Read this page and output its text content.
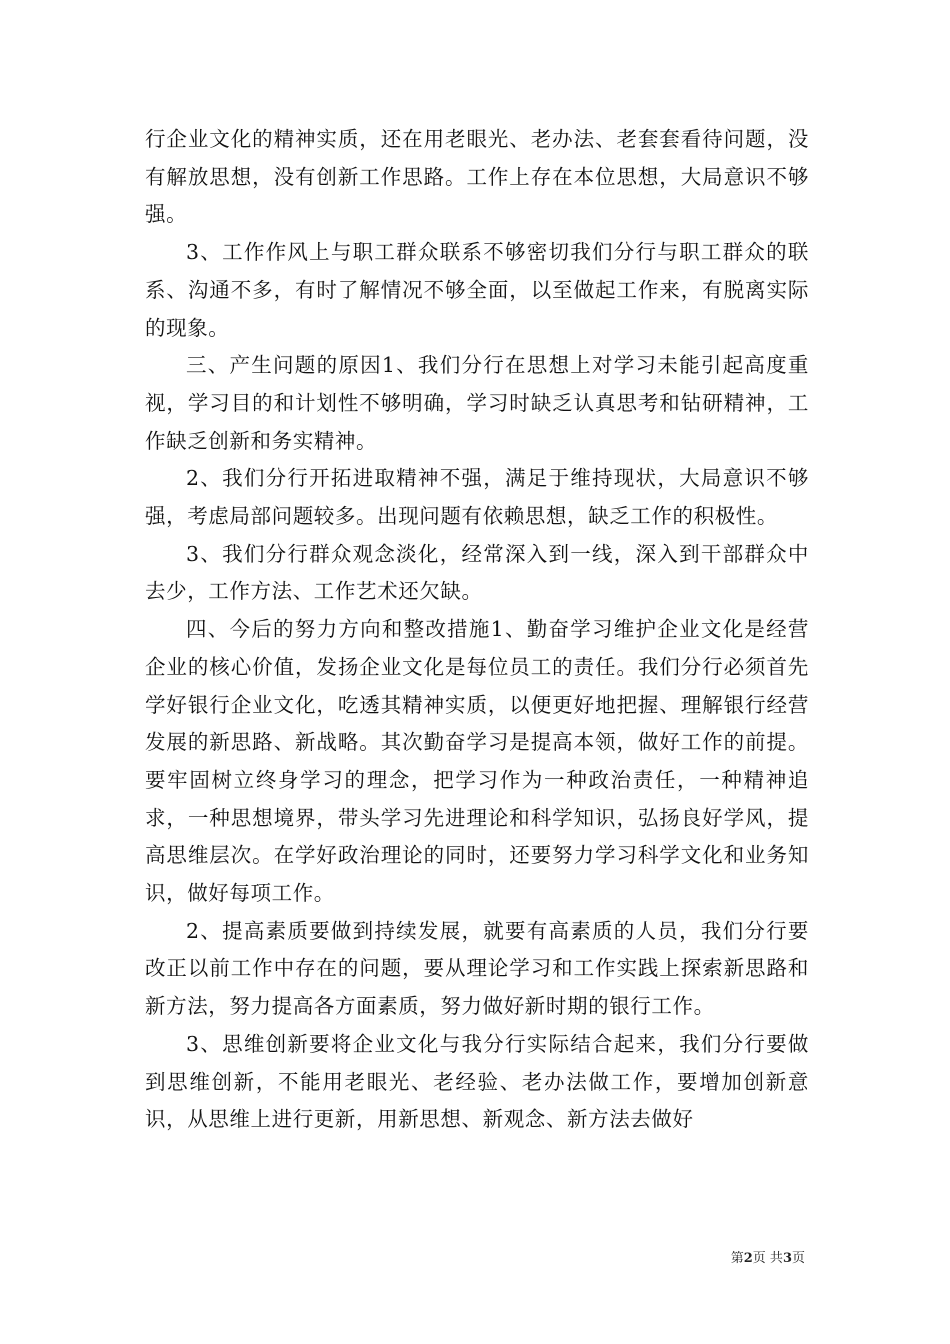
行企业文化的精神实质，还在用老眼光、老办法、老套套看待问题，没有解放思想，没有创新工作思路。工作上存在本位思想，大局意识不够强。

3、工作作风上与职工群众联系不够密切我们分行与职工群众的联系、沟通不多，有时了解情况不够全面，以至做起工作来，有脱离实际的现象。

三、产生问题的原因1、我们分行在思想上对学习未能引起高度重视，学习目的和计划性不够明确，学习时缺乏认真思考和钻研精神，工作缺乏创新和务实精神。

2、我们分行开拓进取精神不强，满足于维持现状，大局意识不够强，考虑局部问题较多。出现问题有依赖思想，缺乏工作的积极性。

3、我们分行群众观念淡化，经常深入到一线，深入到干部群众中去少，工作方法、工作艺术还欠缺。

四、今后的努力方向和整改措施1、勤奋学习维护企业文化是经营企业的核心价值，发扬企业文化是每位员工的责任。我们分行必须首先学好银行企业文化，吃透其精神实质，以便更好地把握、理解银行经营发展的新思路、新战略。其次勤奋学习是提高本领，做好工作的前提。要牢固树立终身学习的理念，把学习作为一种政治责任，一种精神追求，一种思想境界，带头学习先进理论和科学知识，弘扬良好学风，提高思维层次。在学好政治理论的同时，还要努力学习科学文化和业务知识，做好每项工作。

2、提高素质要做到持续发展，就要有高素质的人员，我们分行要改正以前工作中存在的问题，要从理论学习和工作实践上探索新思路和新方法，努力提高各方面素质，努力做好新时期的银行工作。

3、思维创新要将企业文化与我分行实际结合起来，我们分行要做到思维创新，不能用老眼光、老经验、老办法做工作，要增加创新意识，从思维上进行更新，用新思想、新观念、新方法去做好

第2页 共3页
